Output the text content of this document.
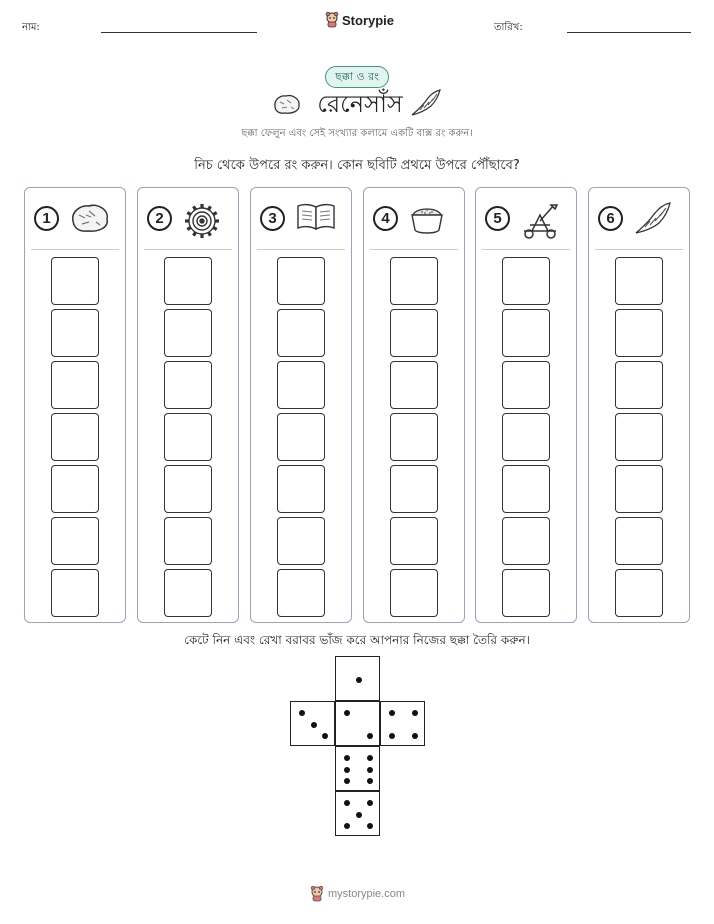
নাম:	Storypie	তারিখ:
ছক্কা ও রং
রেনেসাঁস
ছক্কা ফেলুন এবং সেই সংখ্যার কলামে একটি বাক্স রং করুন।
নিচ থেকে উপরে রং করুন। কোন ছবিটি প্রথমে উপরে পৌঁছাবে?
1	2	3	4	5	6
কেটে নিন এবং রেখা বরাবর ভাঁজ করে আপনার নিজের ছক্কা তৈরি করুন।
mystorypie.com
